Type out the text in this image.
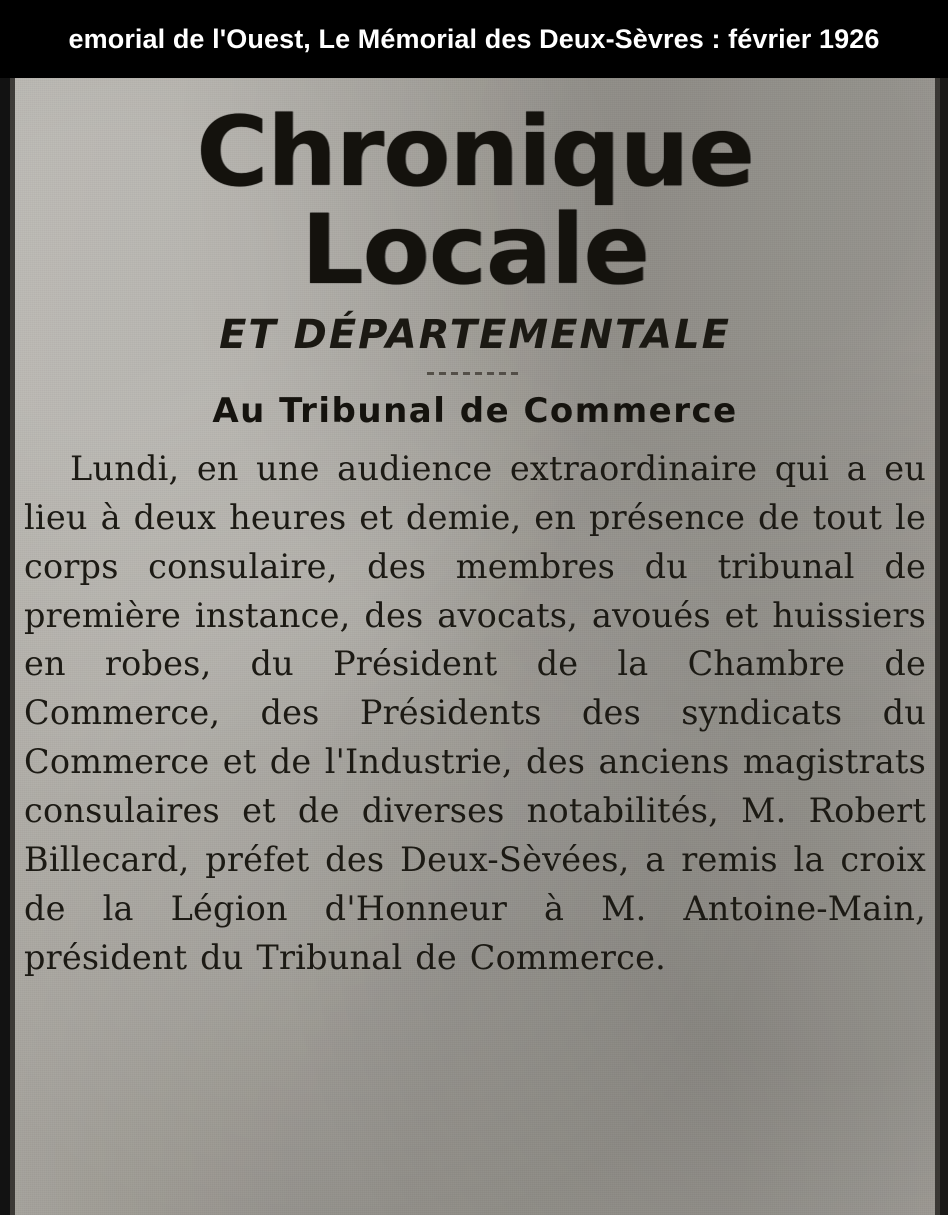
emorial de l'Ouest, Le Mémorial des Deux-Sèvres : février 1926
Chronique Locale
ET DÉPARTEMENTALE
Au Tribunal de Commerce
Lundi, en une audience extraordinaire qui a eu lieu à deux heures et demie, en présence de tout le corps consulaire, des membres du tribunal de première instance, des avocats, avoués et huissiers en robes, du Président de la Chambre de Commerce, des Présidents des syndicats du Commerce et de l'Industrie, des anciens magistrats consulaires et de diverses notabilités, M. Robert Billecard, préfet des Deux-Sèvées, a remis la croix de la Légion d'Honneur à M. Antoine-Main, président du Tribunal de Commerce.
